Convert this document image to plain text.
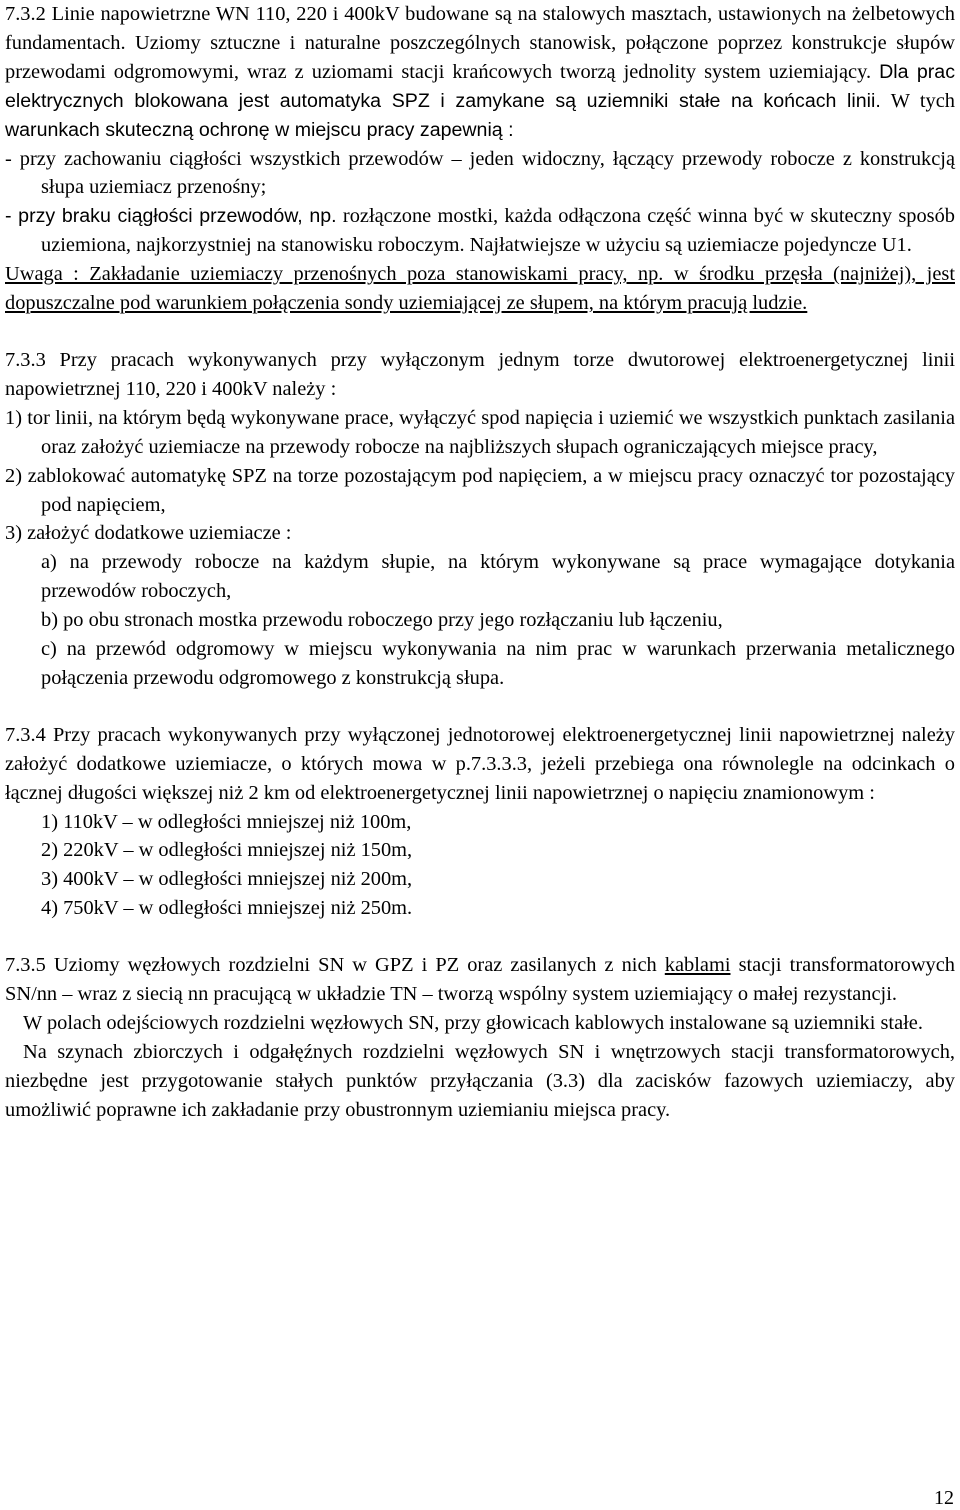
7.3.2 Linie napowietrzne WN 110, 220 i 400kV budowane są na stalowych masztach, ustawionych na żelbetowych fundamentach. Uziomy sztuczne i naturalne poszczególnych stanowisk, połączone poprzez konstrukcje słupów przewodami odgromowymi, wraz z uziomami stacji krańcowych tworzą jednolity system uziemiający. Dla prac elektrycznych blokowana jest automatyka SPZ i zamykane są uziemniki stałe na końcach linii. W tych warunkach skuteczną ochronę w miejscu pracy zapewnią :

- przy zachowaniu ciągłości wszystkich przewodów – jeden widoczny, łączący przewody robocze z konstrukcją słupa uziemiacz przenośny;

- przy braku ciągłości przewodów, np. rozłączone mostki, każda odłączona część winna być w skuteczny sposób uziemiona, najkorzystniej na stanowisku roboczym. Najłatwiejsze w użyciu są uziemiacze pojedyncze U1.

Uwaga : Zakładanie uziemiaczy przenośnych poza stanowiskami pracy, np. w środku przęsła (najniżej), jest dopuszczalne pod warunkiem połączenia sondy uziemiającej ze słupem, na którym pracują ludzie.

7.3.3 Przy pracach wykonywanych przy wyłączonym jednym torze dwutorowej elektroenergetycznej linii napowietrznej 110, 220 i 400kV należy :

1) tor linii, na którym będą wykonywane prace, wyłączyć spod napięcia i uziemić we wszystkich punktach zasilania oraz założyć uziemiacze na przewody robocze na najbliższych słupach ograniczających miejsce pracy,

2) zablokować automatykę SPZ na torze pozostającym pod napięciem, a w miejscu pracy oznaczyć tor pozostający pod napięciem,

3) założyć dodatkowe uziemiacze :

a) na przewody robocze na każdym słupie, na którym wykonywane są prace wymagające dotykania przewodów roboczych,

b) po obu stronach mostka przewodu roboczego przy jego rozłączaniu lub łączeniu,

c) na przewód odgromowy w miejscu wykonywania na nim prac w warunkach przerwania metalicznego połączenia przewodu odgromowego z konstrukcją słupa.

7.3.4 Przy pracach wykonywanych przy wyłączonej jednotorowej elektroenergetycznej linii napowietrznej należy założyć dodatkowe uziemiacze, o których mowa w p.7.3.3.3, jeżeli przebiega ona równolegle na odcinkach o łącznej długości większej niż 2 km od elektroenergetycznej linii napowietrznej o napięciu znamionowym :

1) 110kV – w odległości mniejszej niż 100m,

2) 220kV – w odległości mniejszej niż 150m,

3) 400kV – w odległości mniejszej niż 200m,

4) 750kV – w odległości mniejszej niż 250m.

7.3.5 Uziomy węzłowych rozdzielni SN w GPZ i PZ oraz zasilanych z nich kablami stacji transformatorowych SN/nn – wraz z siecią nn pracującą w układzie TN – tworzą wspólny system uziemiający o małej rezystancji.

W polach odejściowych rozdzielni węzłowych SN, przy głowicach kablowych instalowane są uziemniki stałe.

Na szynach zbiorczych i odgałęźnych rozdzielni węzłowych SN i wnętrzowych stacji transformatorowych, niezbędne jest przygotowanie stałych punktów przyłączania (3.3) dla zacisków fazowych uziemiaczy, aby umożliwić poprawne ich zakładanie przy obustronnym uziemianiu miejsca pracy.

12
